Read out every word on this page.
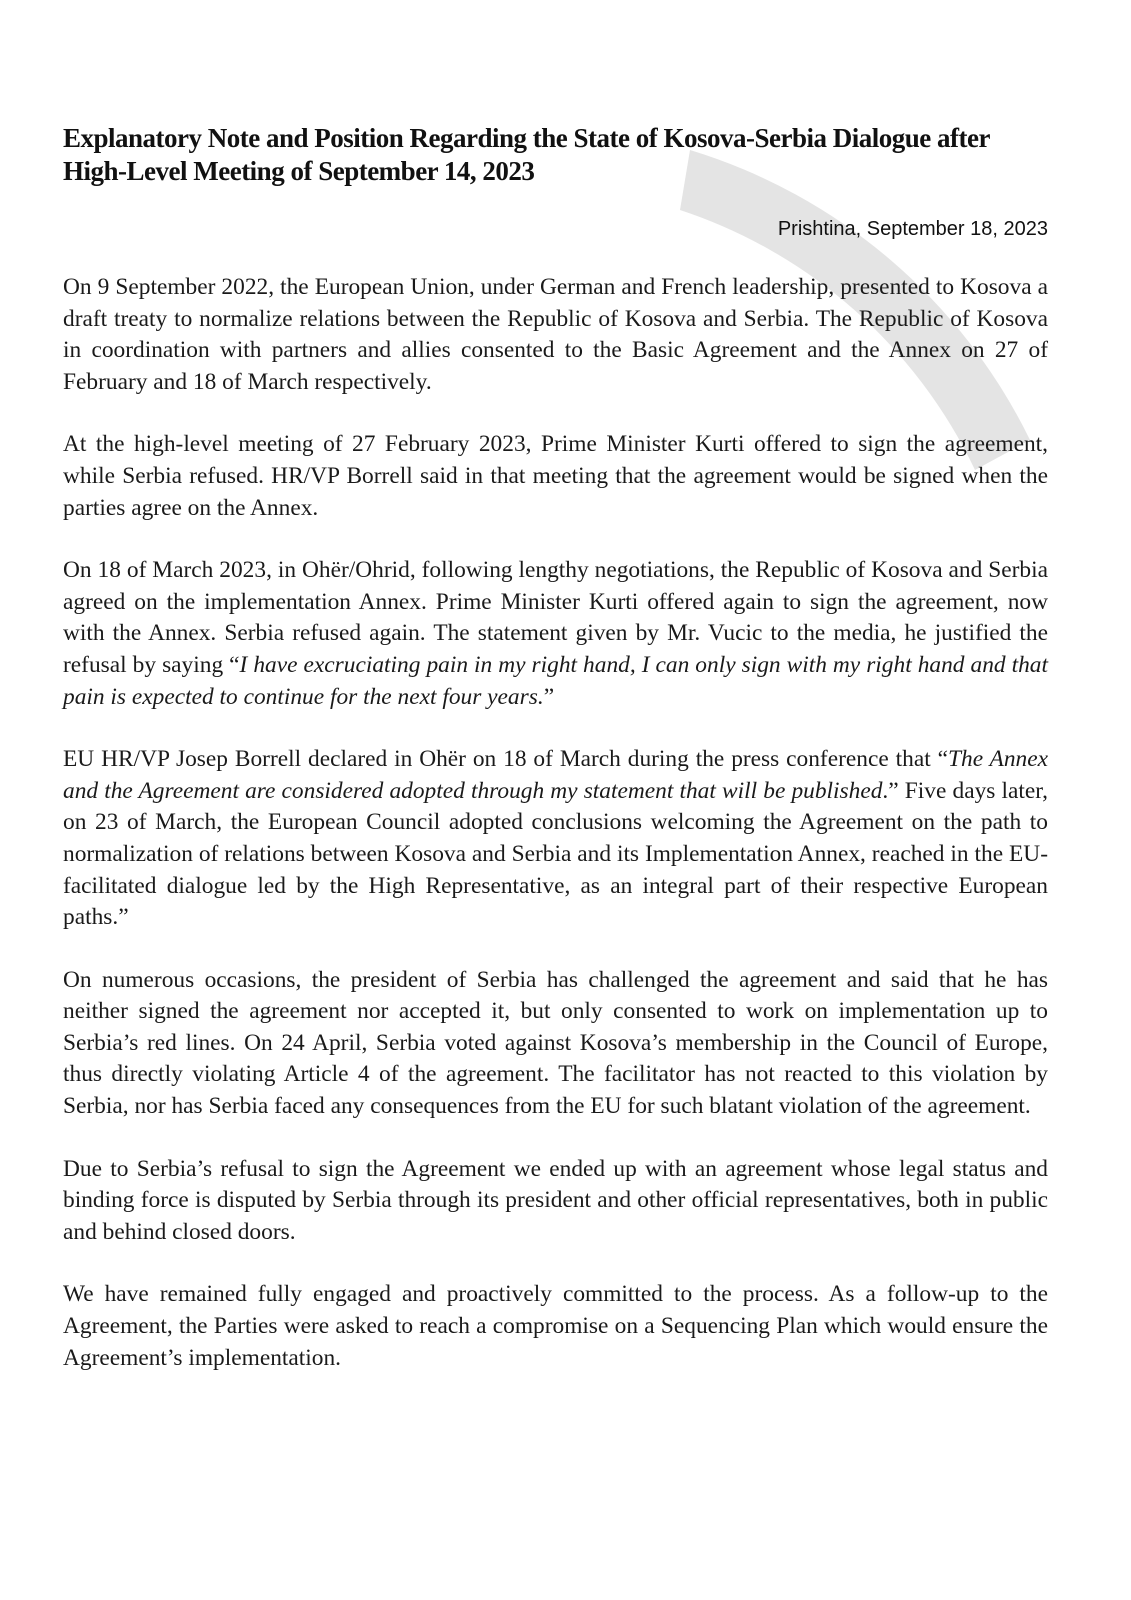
Explanatory Note and Position Regarding the State of Kosova-Serbia Dialogue after High-Level Meeting of September 14, 2023

Prishtina, September 18, 2023

On 9 September 2022, the European Union, under German and French leadership, presented to Kosova a draft treaty to normalize relations between the Republic of Kosova and Serbia. The Republic of Kosova in coordination with partners and allies consented to the Basic Agreement and the Annex on 27 of February and 18 of March respectively.

At the high-level meeting of 27 February 2023, Prime Minister Kurti offered to sign the agreement, while Serbia refused. HR/VP Borrell said in that meeting that the agreement would be signed when the parties agree on the Annex.

On 18 of March 2023, in Ohër/Ohrid, following lengthy negotiations, the Republic of Kosova and Serbia agreed on the implementation Annex. Prime Minister Kurti offered again to sign the agreement, now with the Annex. Serbia refused again. The statement given by Mr. Vucic to the media, he justified the refusal by saying “I have excruciating pain in my right hand, I can only sign with my right hand and that pain is expected to continue for the next four years.”

EU HR/VP Josep Borrell declared in Ohër on 18 of March during the press conference that “The Annex and the Agreement are considered adopted through my statement that will be published.” Five days later, on 23 of March, the European Council adopted conclusions welcoming the Agreement on the path to normalization of relations between Kosova and Serbia and its Implementation Annex, reached in the EU-facilitated dialogue led by the High Representative, as an integral part of their respective European paths.”

On numerous occasions, the president of Serbia has challenged the agreement and said that he has neither signed the agreement nor accepted it, but only consented to work on implementation up to Serbia’s red lines. On 24 April, Serbia voted against Kosova’s membership in the Council of Europe, thus directly violating Article 4 of the agreement. The facilitator has not reacted to this violation by Serbia, nor has Serbia faced any consequences from the EU for such blatant violation of the agreement.

Due to Serbia’s refusal to sign the Agreement we ended up with an agreement whose legal status and binding force is disputed by Serbia through its president and other official representatives, both in public and behind closed doors.

We have remained fully engaged and proactively committed to the process. As a follow-up to the Agreement, the Parties were asked to reach a compromise on a Sequencing Plan which would ensure the Agreement’s implementation.
